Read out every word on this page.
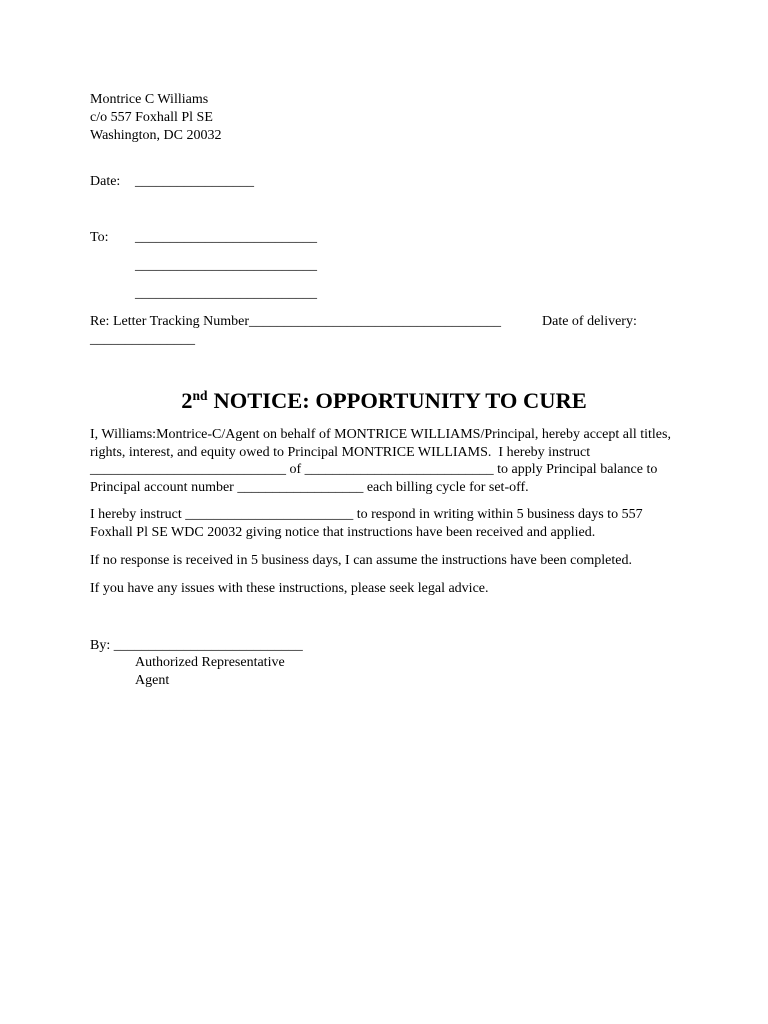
Montrice C Williams
c/o 557 Foxhall Pl SE
Washington, DC 20032
Date: _________________
To: __________________________
__________________________
__________________________
Re: Letter Tracking Number____________________________________	Date of delivery:
_______________
2nd NOTICE: OPPORTUNITY TO CURE
I, Williams:Montrice-C/Agent on behalf of MONTRICE WILLIAMS/Principal, hereby accept all titles,
rights, interest, and equity owed to Principal MONTRICE WILLIAMS.  I hereby instruct
____________________________ of ___________________________ to apply Principal balance to
Principal account number __________________ each billing cycle for set-off.
I hereby instruct ________________________ to respond in writing within 5 business days to 557
Foxhall Pl SE WDC 20032 giving notice that instructions have been received and applied.
If no response is received in 5 business days, I can assume the instructions have been completed.
If you have any issues with these instructions, please seek legal advice.
By: ___________________________
Authorized Representative
Agent
